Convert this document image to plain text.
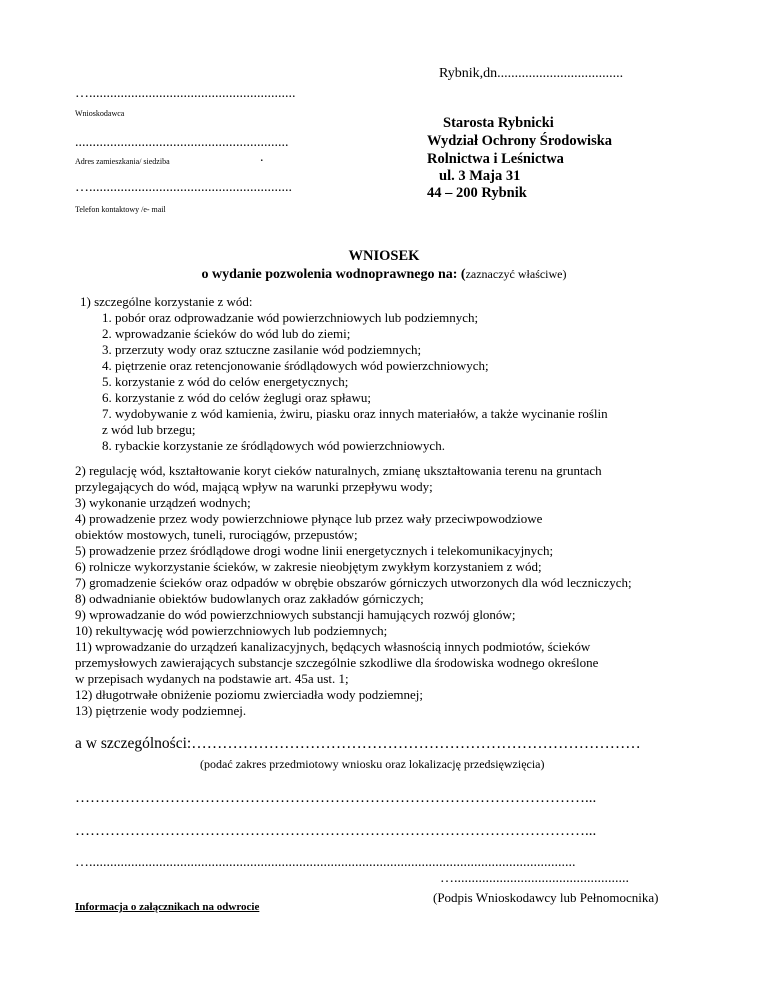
Rybnik,dn....................................
…...........................................................
Wnioskodawca
.............................................................
Adres zamieszkania/ siedziba	.
…..........................................................
Telefon kontaktowy /e- mail
Starosta Rybnicki
Wydział Ochrony Środowiska
Rolnictwa i Leśnictwa
ul. 3 Maja 31
44 – 200 Rybnik
WNIOSEK
o wydanie pozwolenia wodnoprawnego na: (zaznaczyć właściwe)
1) szczególne korzystanie z wód:
1. pobór oraz odprowadzanie wód powierzchniowych lub podziemnych;
2. wprowadzanie ścieków do wód lub do ziemi;
3. przerzuty wody oraz sztuczne zasilanie wód podziemnych;
4. piętrzenie oraz retencjonowanie śródlądowych wód powierzchniowych;
5. korzystanie z wód do celów energetycznych;
6. korzystanie z wód do celów żeglugi oraz spławu;
7. wydobywanie z wód kamienia, żwiru, piasku oraz innych materiałów, a także wycinanie roślin
z wód lub brzegu;
8. rybackie korzystanie ze śródlądowych wód powierzchniowych.
2) regulację wód, kształtowanie koryt cieków naturalnych, zmianę ukształtowania terenu na gruntach
przylegających do wód, mającą wpływ na warunki przepływu wody;
3) wykonanie urządzeń wodnych;
4) prowadzenie przez wody powierzchniowe płynące lub przez wały przeciwpowodziowe
obiektów mostowych, tuneli, rurociągów, przepustów;
5) prowadzenie przez śródlądowe drogi wodne linii energetycznych i telekomunikacyjnych;
6) rolnicze wykorzystanie ścieków, w zakresie nieobjętym zwykłym korzystaniem z wód;
7) gromadzenie ścieków oraz odpadów w obrębie obszarów górniczych utworzonych dla wód leczniczych;
8) odwadnianie obiektów budowlanych oraz zakładów górniczych;
9) wprowadzanie do wód powierzchniowych substancji hamujących rozwój glonów;
10) rekultywację wód powierzchniowych lub podziemnych;
11) wprowadzanie do urządzeń kanalizacyjnych, będących własnością innych podmiotów, ścieków
przemysłowych zawierających substancje szczególnie szkodliwe dla środowiska wodnego określone
w przepisach wydanych na podstawie art. 45a ust. 1;
12) długotrwałe obniżenie poziomu zwierciadła wody podziemnej;
13) piętrzenie wody podziemnej.
a w szczególności:……………………………………………………………………………
(podać zakres przedmiotowy wniosku oraz lokalizację przedsięwzięcia)
…………………………………………………………………………………………...
…………………………………………………………………………………………...
…...........................................................................................................................................
…..................................................
(Podpis Wnioskodawcy lub Pełnomocnika)
Informacja o załącznikach na odwrocie
